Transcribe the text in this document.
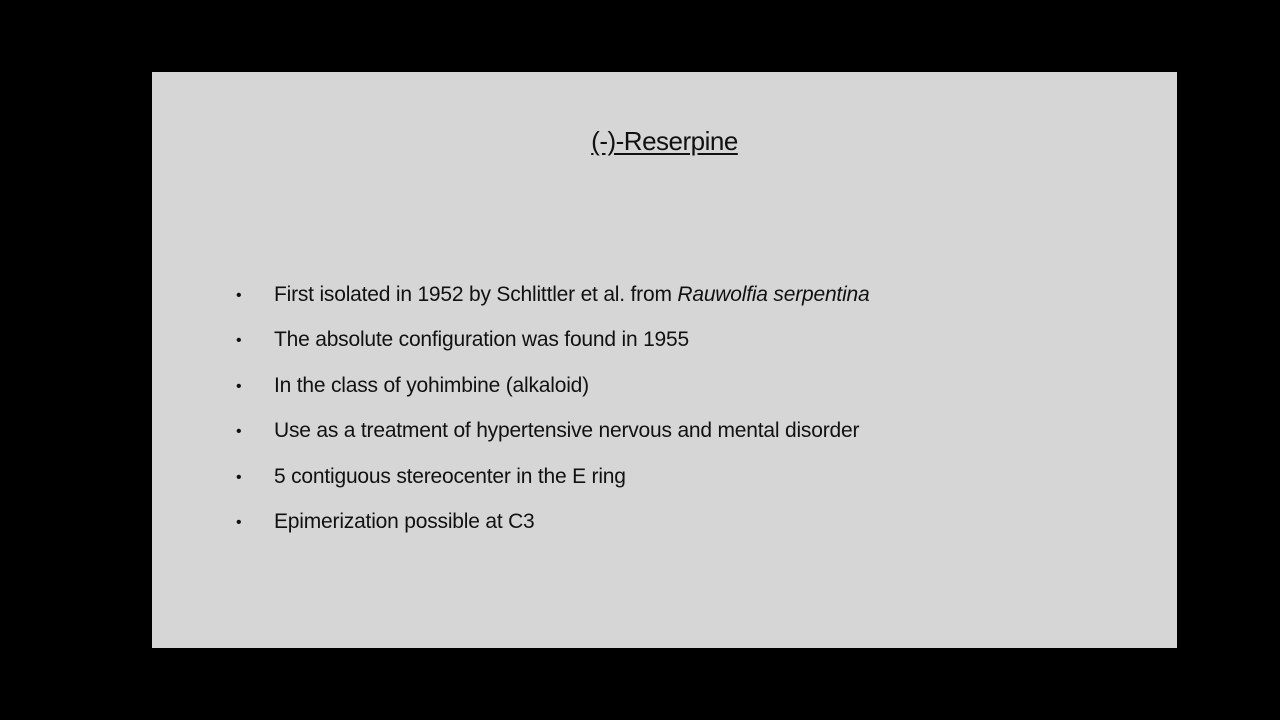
(-)-Reserpine
• First isolated in 1952 by Schlittler et al. from Rauwolfia serpentina
• The absolute configuration was found in 1955
• In the class of yohimbine (alkaloid)
• Use as a treatment of hypertensive nervous and mental disorder
• 5 contiguous stereocenter in the E ring
• Epimerization possible at C3
